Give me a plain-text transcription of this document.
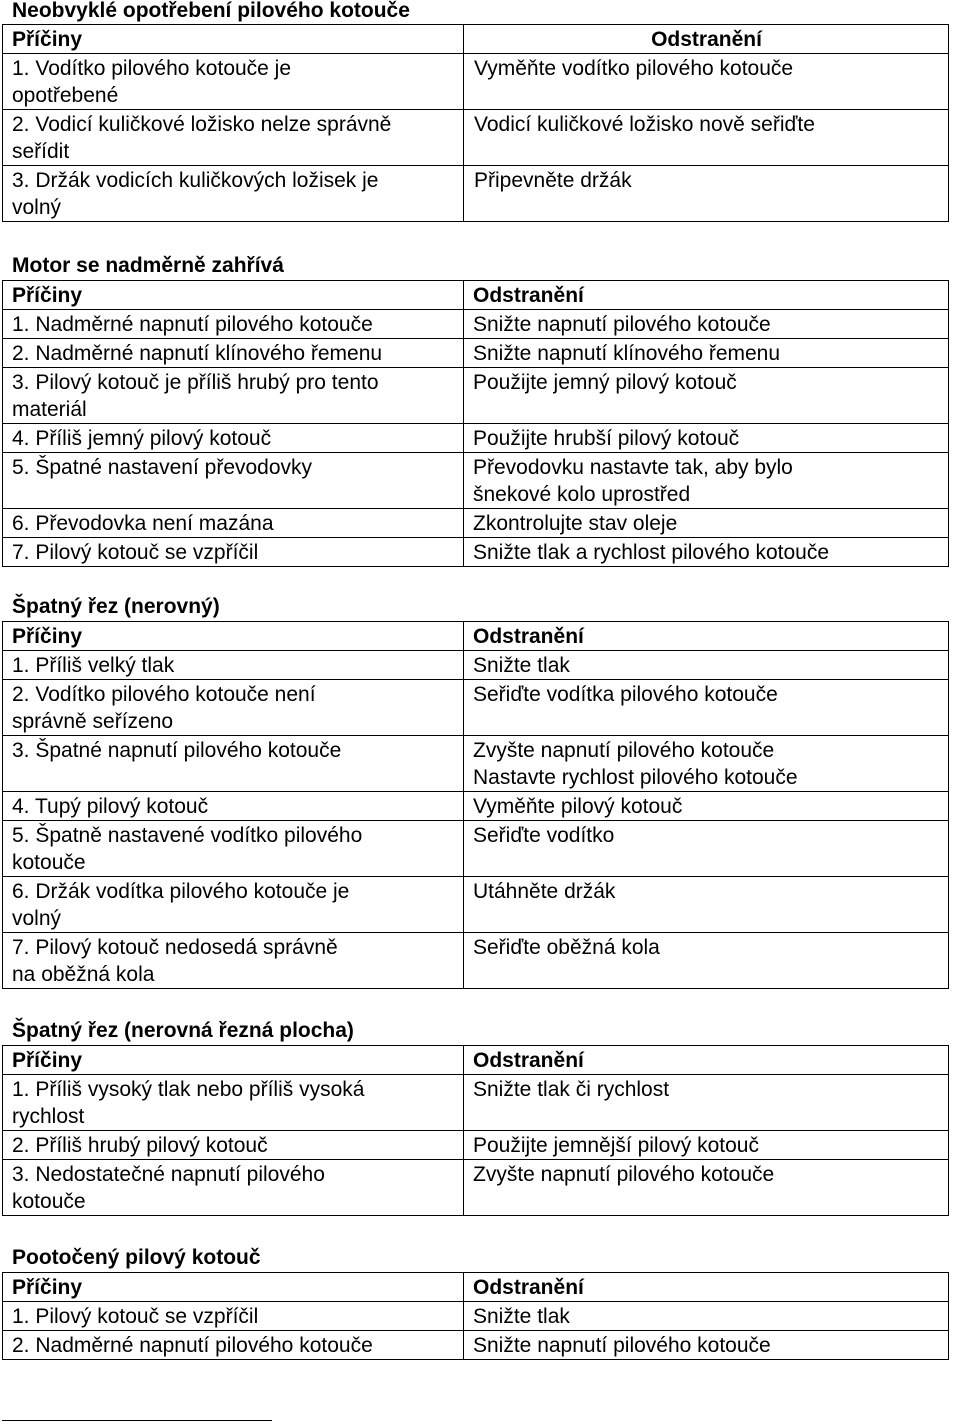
Neobvyklé opotřebení pilového kotouče
Příčiny	Odstranění
1. Vodítko pilového kotouče je
opotřebené	Vyměňte vodítko pilového kotouče
2. Vodicí kuličkové ložisko nelze správně
seřídit	Vodicí kuličkové ložisko nově seřiďte
3. Držák vodicích kuličkových ložisek je
volný	Připevněte držák
Motor se nadměrně zahřívá
Příčiny	Odstranění
1. Nadměrné napnutí pilového kotouče	Snižte napnutí pilového kotouče
2. Nadměrné napnutí klínového řemenu	Snižte napnutí klínového řemenu
3. Pilový kotouč je příliš hrubý pro tento
materiál	Použijte jemný pilový kotouč
4. Příliš jemný pilový kotouč	Použijte hrubší pilový kotouč
5. Špatné nastavení převodovky	Převodovku nastavte tak, aby bylo
šnekové kolo uprostřed
6. Převodovka není mazána	Zkontrolujte stav oleje
7. Pilový kotouč se vzpříčil	Snižte tlak a rychlost pilového kotouče
Špatný řez (nerovný)
Příčiny	Odstranění
1. Příliš velký tlak	Snižte tlak
2. Vodítko pilového kotouče není
správně seřízeno	Seřiďte vodítka pilového kotouče
3. Špatné napnutí pilového kotouče	Zvyšte napnutí pilového kotouče
Nastavte rychlost pilového kotouče
4. Tupý pilový kotouč	Vyměňte pilový kotouč
5. Špatně nastavené vodítko pilového
kotouče	Seřiďte vodítko
6. Držák vodítka pilového kotouče je
volný	Utáhněte držák
7. Pilový kotouč nedosedá správně
na oběžná kola	Seřiďte oběžná kola
Špatný řez (nerovná řezná plocha)
Příčiny	Odstranění
1. Příliš vysoký tlak nebo příliš vysoká
rychlost	Snižte tlak či rychlost
2. Příliš hrubý pilový kotouč	Použijte jemnější pilový kotouč
3. Nedostatečné napnutí pilového
kotouče	Zvyšte napnutí pilového kotouče
Pootočený pilový kotouč
Příčiny	Odstranění
1. Pilový kotouč se vzpříčil	Snižte tlak
2. Nadměrné napnutí pilového kotouče	Snižte napnutí pilového kotouče
